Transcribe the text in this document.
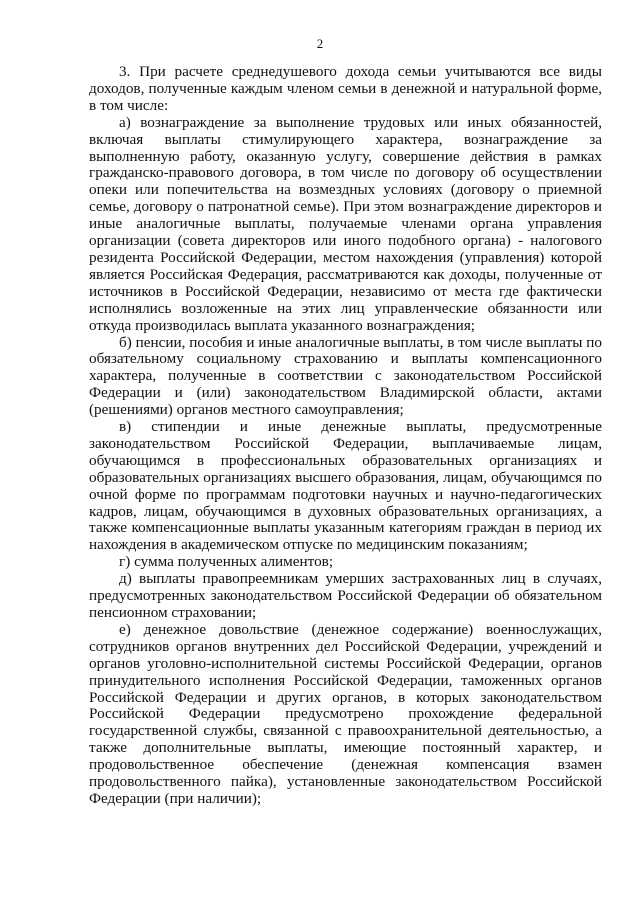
2

3. При расчете среднедушевого дохода семьи учитываются все виды доходов, полученные каждым членом семьи в денежной и натуральной форме, в том числе:

а) вознаграждение за выполнение трудовых или иных обязанностей, включая выплаты стимулирующего характера, вознаграждение за выполненную работу, оказанную услугу, совершение действия в рамках гражданско-правового договора, в том числе по договору об осуществлении опеки или попечительства на возмездных условиях (договору о приемной семье, договору о патронатной семье). При этом вознаграждение директоров и иные аналогичные выплаты, получаемые членами органа управления организации (совета директоров или иного подобного органа) - налогового резидента Российской Федерации, местом нахождения (управления) которой является Российская Федерация, рассматриваются как доходы, полученные от источников в Российской Федерации, независимо от места где фактически исполнялись возложенные на этих лиц управленческие обязанности или откуда производилась выплата указанного вознаграждения;

б) пенсии, пособия и иные аналогичные выплаты, в том числе выплаты по обязательному социальному страхованию и выплаты компенсационного характера, полученные в соответствии с законодательством Российской Федерации и (или) законодательством Владимирской области, актами (решениями) органов местного самоуправления;

в) стипендии и иные денежные выплаты, предусмотренные законодательством Российской Федерации, выплачиваемые лицам, обучающимся в профессиональных образовательных организациях и образовательных организациях высшего образования, лицам, обучающимся по очной форме по программам подготовки научных и научно-педагогических кадров, лицам, обучающимся в духовных образовательных организациях, а также компенсационные выплаты указанным категориям граждан в период их нахождения в академическом отпуске по медицинским показаниям;

г) сумма полученных алиментов;

д) выплаты правопреемникам умерших застрахованных лиц в случаях, предусмотренных законодательством Российской Федерации об обязательном пенсионном страховании;

е) денежное довольствие (денежное содержание) военнослужащих, сотрудников органов внутренних дел Российской Федерации, учреждений и органов уголовно-исполнительной системы Российской Федерации, органов принудительного исполнения Российской Федерации, таможенных органов Российской Федерации и других органов, в которых законодательством Российской Федерации предусмотрено прохождение федеральной государственной службы, связанной с правоохранительной деятельностью, а также дополнительные выплаты, имеющие постоянный характер, и продовольственное обеспечение (денежная компенсация взамен продовольственного пайка), установленные законодательством Российской Федерации (при наличии);
